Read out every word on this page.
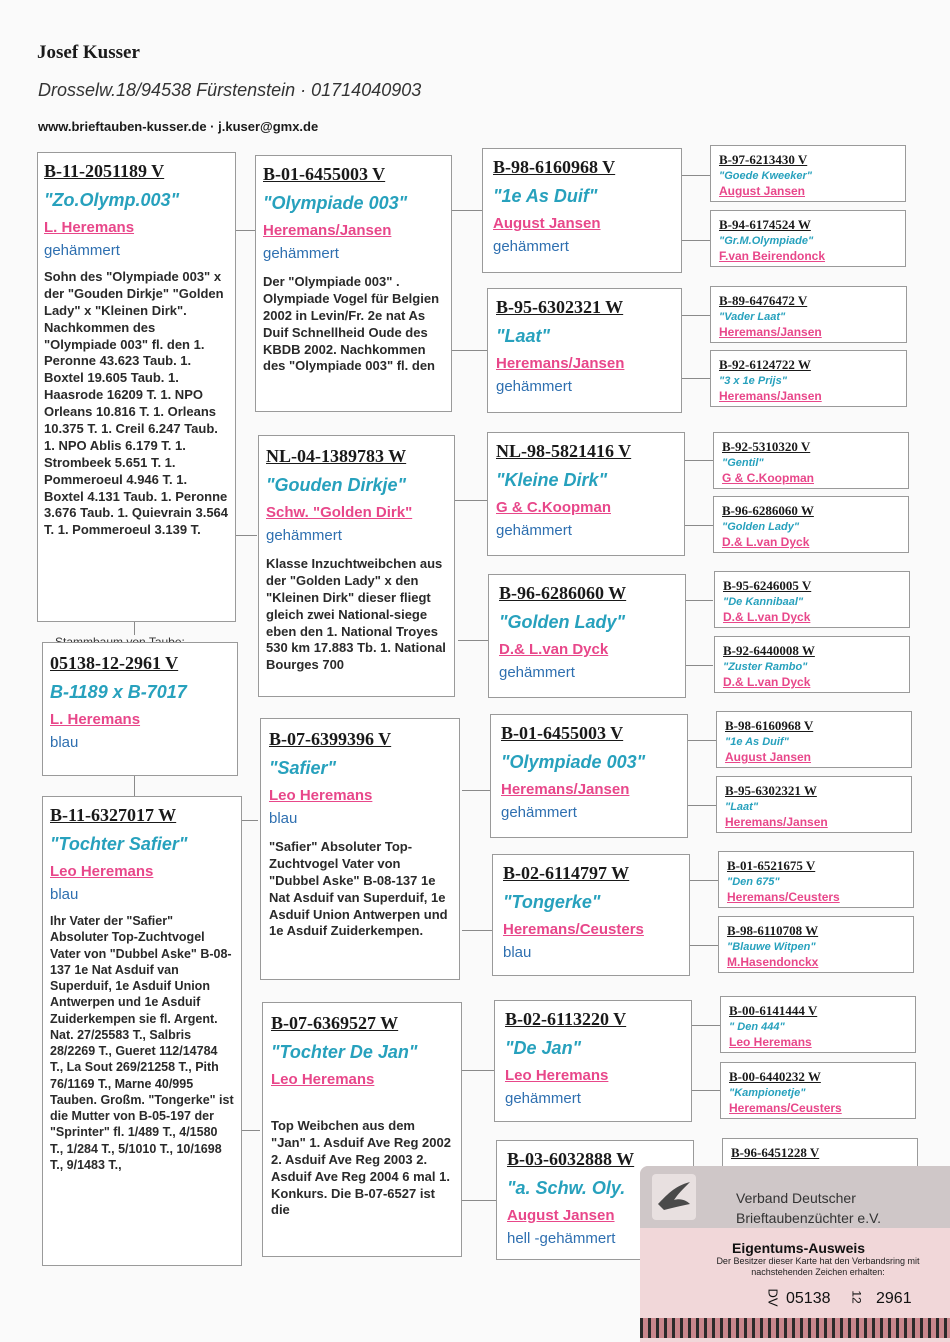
Josef Kusser
Drosselw.18/94538 Fürstenstein · 01714040903
www.brieftauben-kusser.de · j.kuser@gmx.de
B-11-2051189 V
"Zo.Olymp.003"
L. Heremans
gehämmert
Sohn des "Olympiade 003" x der "Gouden Dirkje" "Golden Lady" x "Kleinen Dirk". Nachkommen des "Olympiade 003" fl. den 1. Peronne 43.623 Taub. 1. Boxtel 19.605 Taub. 1. Haasrode 16209 T. 1. NPO Orleans 10.816 T. 1. Orleans 10.375 T. 1. Creil 6.247 Taub. 1. NPO Ablis 6.179 T. 1. Strombeek 5.651 T. 1. Pommeroeul 4.946 T. 1. Boxtel 4.131 Taub. 1. Peronne 3.676 Taub. 1. Quievrain 3.564 T. 1. Pommeroeul 3.139 T.
05138-12-2961 V
B-1189 x B-7017
L. Heremans
blau
B-11-6327017 W
"Tochter Safier"
Leo Heremans
blau
Ihr Vater der "Safier" Absoluter Top-Zuchtvogel Vater von "Dubbel Aske" B-08-137 1e Nat Asduif van Superduif, 1e Asduif Union Antwerpen und 1e Asduif Zuiderkempen sie fl. Argent. Nat. 27/25583 T., Salbris 28/2269 T., Gueret 112/14784 T., La Sout 269/21258 T., Pith 76/1169 T., Marne 40/995 Tauben. Großm. "Tongerke" ist die Mutter von B-05-197 der "Sprinter" fl. 1/489 T., 4/1580 T., 1/284 T., 5/1010 T., 10/1698 T., 9/1483 T.,
B-01-6455003 V
"Olympiade 003"
Heremans/Jansen
gehämmert
Der "Olympiade 003" . Olympiade Vogel für Belgien 2002 in Levin/Fr. 2e nat As Duif Schnellheid Oude des KBDB 2002. Nachkommen des "Olympiade 003" fl. den
NL-04-1389783 W
"Gouden Dirkje"
Schw. "Golden Dirk"
gehämmert
Klasse Inzuchtweibchen aus der "Golden Lady" x den "Kleinen Dirk" dieser fliegt gleich zwei National-siege eben den 1. National Troyes 530 km 17.883 Tb. 1. National Bourges 700
B-07-6399396 V
"Safier"
Leo Heremans
blau
"Safier" Absoluter Top-Zuchtvogel Vater von "Dubbel Aske" B-08-137 1e Nat Asduif van Superduif, 1e Asduif Union Antwerpen und 1e Asduif Zuiderkempen.
B-07-6369527 W
"Tochter De Jan"
Leo Heremans
Top Weibchen aus dem "Jan" 1. Asduif Ave Reg 2002 2. Asduif Ave Reg 2003 2. Asduif Ave Reg 2004 6 mal 1. Konkurs. Die B-07-6527 ist die
B-98-6160968 V
"1e As Duif"
August Jansen
gehämmert
B-95-6302321 W
"Laat"
Heremans/Jansen
gehämmert
NL-98-5821416 V
"Kleine Dirk"
G & C.Koopman
gehämmert
B-96-6286060 W
"Golden Lady"
D.& L.van Dyck
gehämmert
B-01-6455003 V
"Olympiade 003"
Heremans/Jansen
gehämmert
B-02-6114797 W
"Tongerke"
Heremans/Ceusters
blau
B-02-6113220 V
"De Jan"
Leo Heremans
gehämmert
B-03-6032888 W
"a. Schw. Oly.
August Jansen
hell -gehämmert
B-97-6213430 V
"Goede Kweeker"
August Jansen
B-94-6174524 W
"Gr.M.Olympiade"
F.van Beirendonck
B-89-6476472 V
"Vader Laat"
Heremans/Jansen
B-92-6124722 W
"3 x 1e Prijs"
Heremans/Jansen
B-92-5310320 V
"Gentil"
G & C.Koopman
B-96-6286060 W
"Golden Lady"
D.& L.van Dyck
B-95-6246005 V
"De Kannibaal"
D.& L.van Dyck
B-92-6440008 W
"Zuster Rambo"
D.& L.van Dyck
B-98-6160968 V
"1e As Duif"
August Jansen
B-95-6302321 W
"Laat"
Heremans/Jansen
B-01-6521675 V
"Den 675"
Heremans/Ceusters
B-98-6110708 W
"Blauwe Witpen"
M.Hasendonckx
B-00-6141444 V
" Den 444"
Leo Heremans
B-00-6440232 W
"Kampionetje"
Heremans/Ceusters
B-96-6451228 V
Verband Deutscher
Brieftaubenzüchter e.V.
Eigentums-Ausweis
Der Besitzer dieser Karte hat den Verbandsring mit nachstehenden Zeichen erhalten:
DV 05138 12 2961
